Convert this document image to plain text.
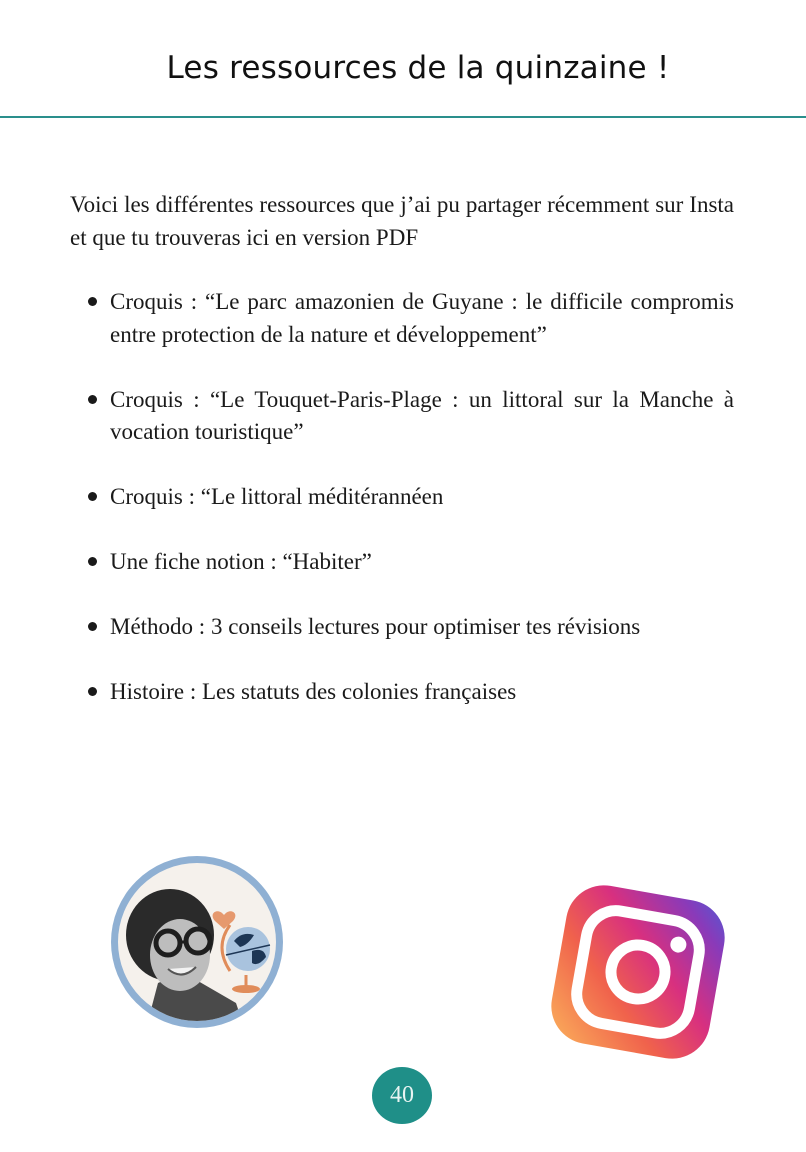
Les ressources de la quinzaine !

Voici les différentes ressources que j’ai pu partager récemment sur Insta et que tu trouveras ici en version PDF

Croquis : “Le parc amazonien de Guyane : le difficile compromis entre protection de la nature et développement”
Croquis : “Le Touquet-Paris-Plage : un littoral sur la Manche à vocation touristique”
Croquis : “Le littoral méditérannéen
Une fiche notion : “Habiter”
Méthodo : 3 conseils lectures pour optimiser tes révisions
Histoire : Les statuts des colonies françaises
40
